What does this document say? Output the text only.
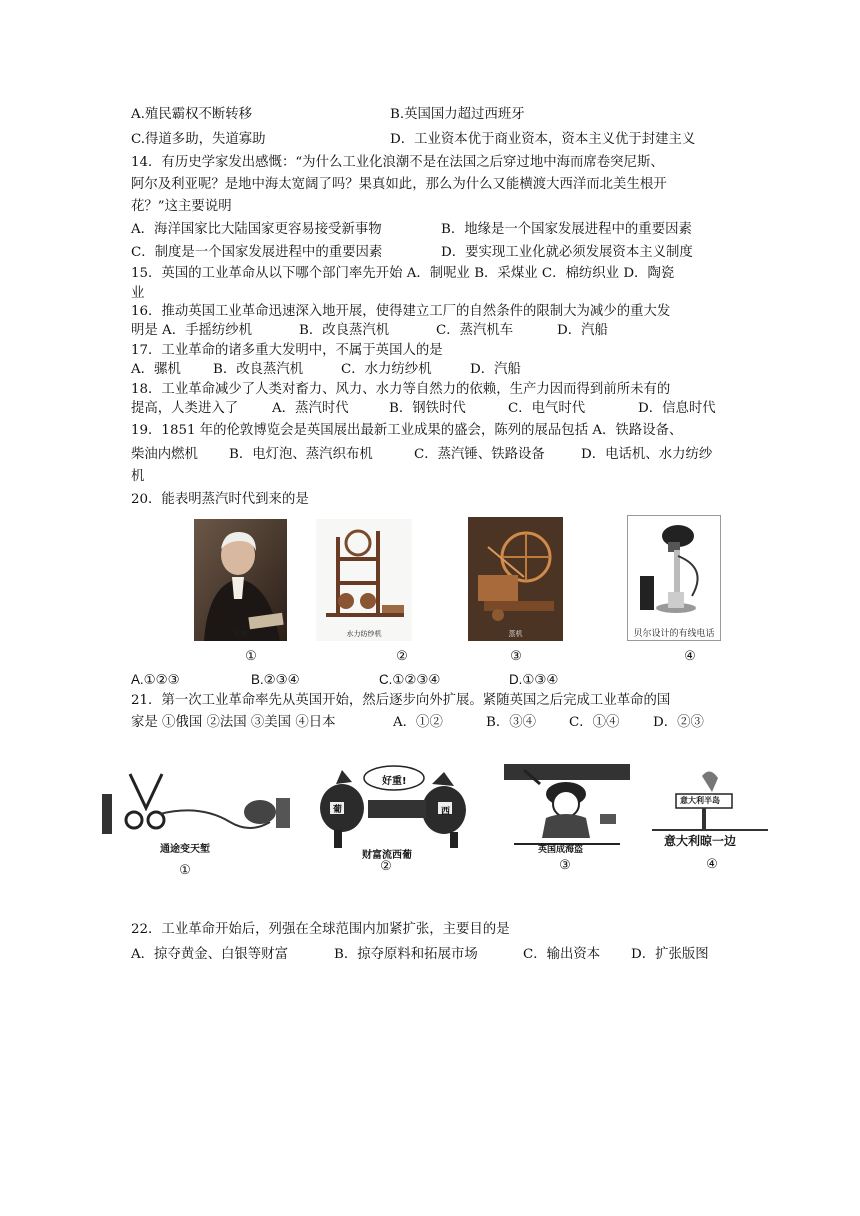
A.殖民霸权不断转移	B.英国国力超过西班牙
C.得道多助，失道寡助	D．工业资本优于商业资本，资本主义优于封建主义
14．有历史学家发出感慨：“为什么工业化浪潮不是在法国之后穿过地中海而席卷突尼斯、
阿尔及利亚呢？是地中海太宽阔了吗？果真如此，那么为什么又能横渡大西洋而北美生根开
花？”这主要说明
A．海洋国家比大陆国家更容易接受新事物	B．地缘是一个国家发展进程中的重要因素
C．制度是一个国家发展进程中的重要因素	D．要实现工业化就必须发展资本主义制度
15．英国的工业革命从以下哪个部门率先开始 A．制呢业 B．采煤业 C．棉纺织业 D．陶瓷
业
16．推动英国工业革命迅速深入地开展，使得建立工厂的自然条件的限制大为减少的重大发
明是 A．手摇纺纱机	B．改良蒸汽机	C．蒸汽机车	D．汽船
17．工业革命的诸多重大发明中，不属于英国人的是
A．骡机 B．改良蒸汽机	C．水力纺纱机	D．汽船
18．工业革命减少了人类对畜力、风力、水力等自然力的依赖，生产力因而得到前所未有的
提高，人类进入了	A．蒸汽时代	B．钢铁时代	C．电气时代	D．信息时代
19．1851 年的伦敦博览会是英国展出最新工业成果的盛会，陈列的展品包括 A．铁路设备、
柴油内燃机 B．电灯泡、蒸汽织布机	C．蒸汽锤、铁路设备	D．电话机、水力纺纱
机
20．能表明蒸汽时代到来的是
瓦特	水力纺纱机	蒸机	贝尔设计的有线电话
①	②	③	④
A.①②③	B.②③④	C.①②③④	D.①③④
21．第一次工业革命率先从英国开始，然后逐步向外扩展。紧随英国之后完成工业革命的国
家是 ①俄国 ②法国 ③美国 ④日本	A．①②	B．③④ C．①④	D．②③
通途变天堑
好重!
葡	西
财富流西葡	英国成海盗
意大利半岛
意大利晾一边
①	②	③	④
22．工业革命开始后，列强在全球范围内加紧扩张，主要目的是
A．掠夺黄金、白银等财富	B．掠夺原料和拓展市场	C．输出资本 D．扩张版图
